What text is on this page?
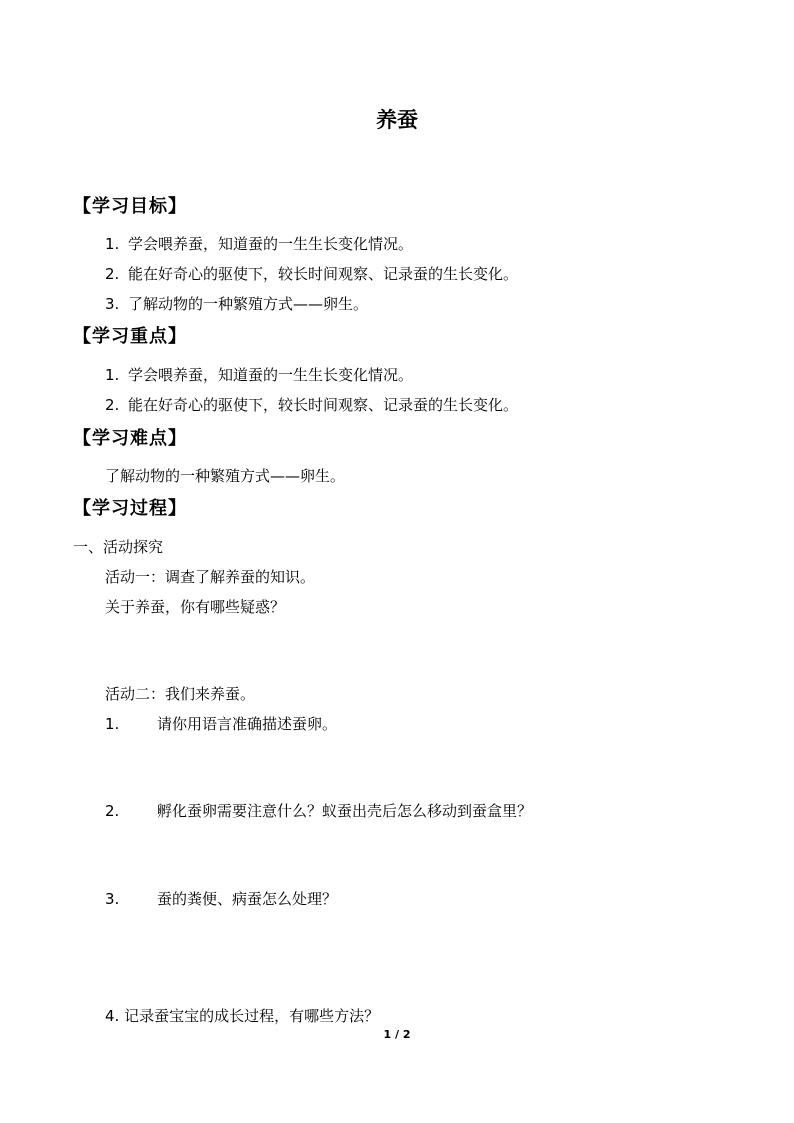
养蚕
【学习目标】
1. 学会喂养蚕，知道蚕的一生生长变化情况。
2. 能在好奇心的驱使下，较长时间观察、记录蚕的生长变化。
3. 了解动物的一种繁殖方式——卵生。
【学习重点】
1. 学会喂养蚕，知道蚕的一生生长变化情况。
2. 能在好奇心的驱使下，较长时间观察、记录蚕的生长变化。
【学习难点】
了解动物的一种繁殖方式——卵生。
【学习过程】
一、活动探究
活动一：调查了解养蚕的知识。
关于养蚕，你有哪些疑惑？
活动二：我们来养蚕。
1.	请你用语言准确描述蚕卵。
2.	孵化蚕卵需要注意什么？蚁蚕出壳后怎么移动到蚕盒里？
3.	蚕的粪便、病蚕怎么处理？
4. 记录蚕宝宝的成长过程，有哪些方法？
1 / 2
